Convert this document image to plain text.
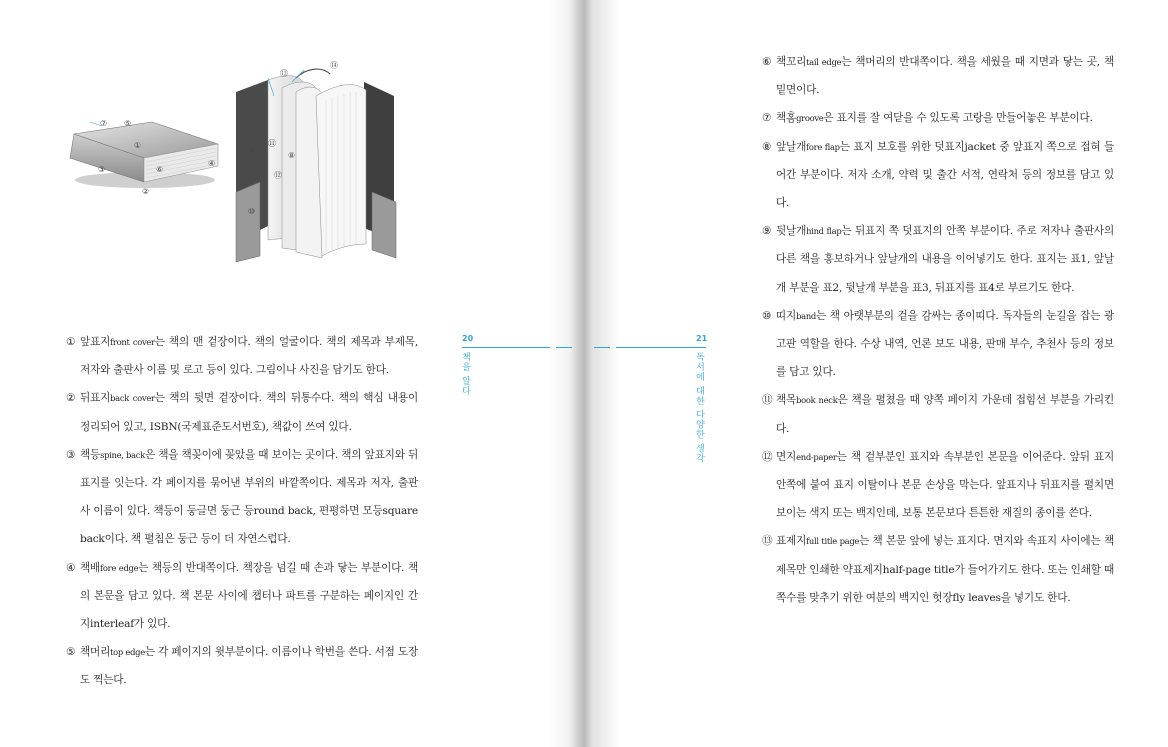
⑦ ⑤
①
②
③
④
⑥
⑬
⑭
⑨
⑪
⑧
⑫
⑩
① 앞표지front cover는 책의 맨 겉장이다. 책의 얼굴이다. 책의 제목과 부제목, 저자와 출판사 이름 및 로고 등이 있다. 그림이나 사진을 담기도 한다.
② 뒤표지back cover는 책의 뒷면 겉장이다. 책의 뒤통수다. 책의 핵심 내용이 정리되어 있고, ISBN(국제표준도서번호), 책값이 쓰여 있다.
③ 책등spine, back은 책을 책꽂이에 꽂았을 때 보이는 곳이다. 책의 앞표지와 뒤표지를 잇는다. 각 페이지를 묶어낸 부위의 바깥쪽이다. 제목과 저자, 출판사 이름이 있다. 책등이 둥글면 둥근 등round back, 편평하면 모등square back이다. 책 펼침은 둥근 등이 더 자연스럽다.
④ 책배fore edge는 책등의 반대쪽이다. 책장을 넘길 때 손과 닿는 부분이다. 책의 본문을 담고 있다. 책 본문 사이에 챕터나 파트를 구분하는 페이지인 간지interleaf가 있다.
⑤ 책머리top edge는 각 페이지의 윗부분이다. 이름이나 학번을 쓴다. 서점 도장도 찍는다.
20
책을 알다
⑥ 책꼬리tail edge는 책머리의 반대쪽이다. 책을 세웠을 때 지면과 닿는 곳, 책 밑면이다.
⑦ 책홈groove은 표지를 잘 여닫을 수 있도록 고랑을 만들어놓은 부분이다.
⑧ 앞날개fore flap는 표지 보호를 위한 덧표지jacket 중 앞표지 쪽으로 접혀 들어간 부분이다. 저자 소개, 약력 및 출간 서적, 연락처 등의 정보를 담고 있다.
⑨ 뒷날개hind flap는 뒤표지 쪽 덧표지의 안쪽 부분이다. 주로 저자나 출판사의 다른 책을 홍보하거나 앞날개의 내용을 이어넣기도 한다. 표지는 표1, 앞날개 부분을 표2, 뒷날개 부분을 표3, 뒤표지를 표4로 부르기도 한다.
⑩ 띠지band는 책 아랫부분의 겉을 감싸는 종이띠다. 독자들의 눈길을 잡는 광고판 역할을 한다. 수상 내역, 언론 보도 내용, 판매 부수, 추천사 등의 정보를 담고 있다.
⑪ 책목book neck은 책을 펼쳤을 때 양쪽 페이지 가운데 접힘선 부분을 가리킨다.
⑫ 면지end-paper는 책 겉부분인 표지와 속부분인 본문을 이어준다. 앞뒤 표지 안쪽에 붙여 표지 이탈이나 본문 손상을 막는다. 앞표지나 뒤표지를 펼치면 보이는 색지 또는 백지인데, 보통 본문보다 튼튼한 재질의 종이를 쓴다.
⑬ 표제지full title page는 책 본문 앞에 넣는 표지다. 면지와 속표지 사이에는 책 제목만 인쇄한 약표제지half-page title가 들어가기도 한다. 또는 인쇄할 때 쪽수를 맞추기 위한 여분의 백지인 헛장fly leaves을 넣기도 한다.
21
독서에 대한 다양한 생각
